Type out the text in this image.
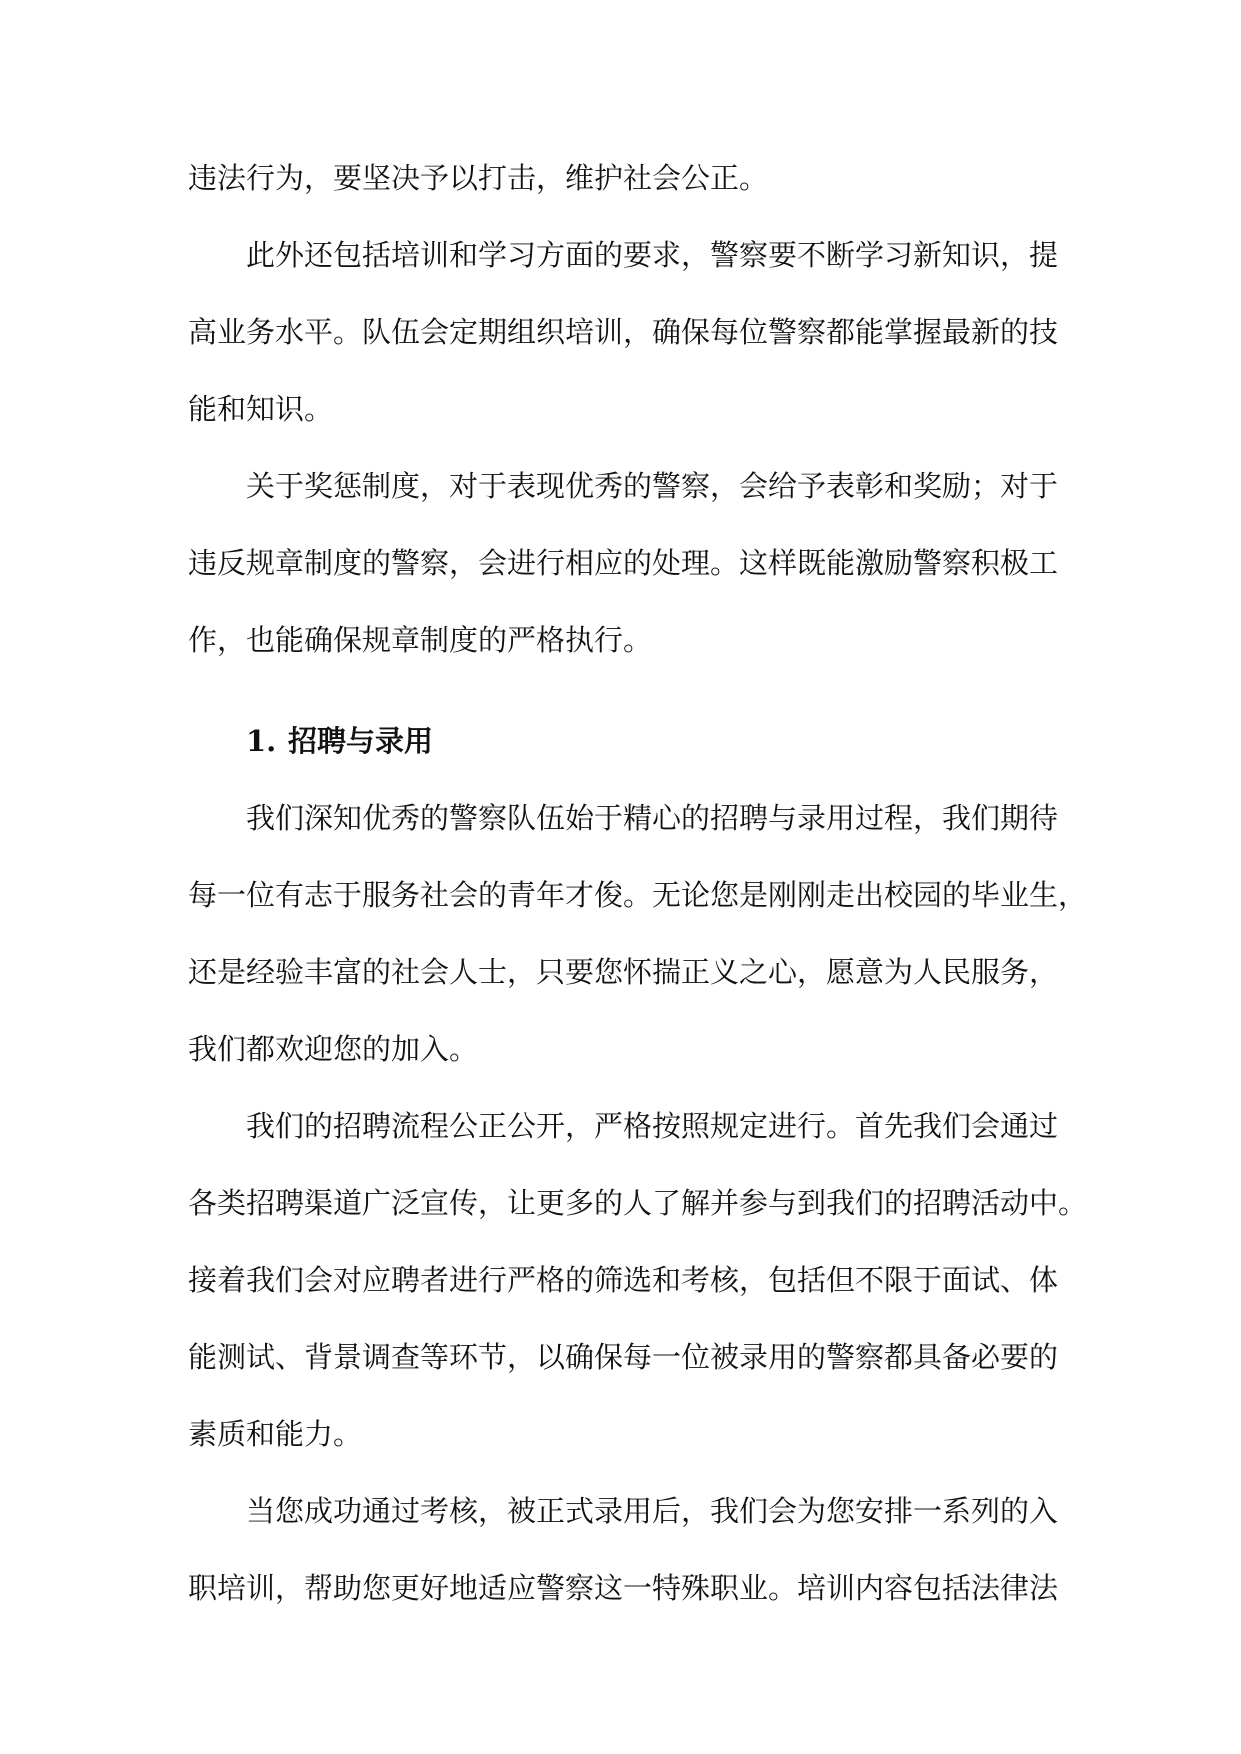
违法行为，要坚决予以打击，维护社会公正。
此外还包括培训和学习方面的要求，警察要不断学习新知识，提
高业务水平。队伍会定期组织培训，确保每位警察都能掌握最新的技
能和知识。
关于奖惩制度，对于表现优秀的警察，会给予表彰和奖励；对于
违反规章制度的警察，会进行相应的处理。这样既能激励警察积极工
作，也能确保规章制度的严格执行。
1. 招聘与录用
我们深知优秀的警察队伍始于精心的招聘与录用过程，我们期待
每一位有志于服务社会的青年才俊。无论您是刚刚走出校园的毕业生，
还是经验丰富的社会人士，只要您怀揣正义之心，愿意为人民服务，
我们都欢迎您的加入。
我们的招聘流程公正公开，严格按照规定进行。首先我们会通过
各类招聘渠道广泛宣传，让更多的人了解并参与到我们的招聘活动中。
接着我们会对应聘者进行严格的筛选和考核，包括但不限于面试、体
能测试、背景调查等环节，以确保每一位被录用的警察都具备必要的
素质和能力。
当您成功通过考核，被正式录用后，我们会为您安排一系列的入
职培训，帮助您更好地适应警察这一特殊职业。培训内容包括法律法
